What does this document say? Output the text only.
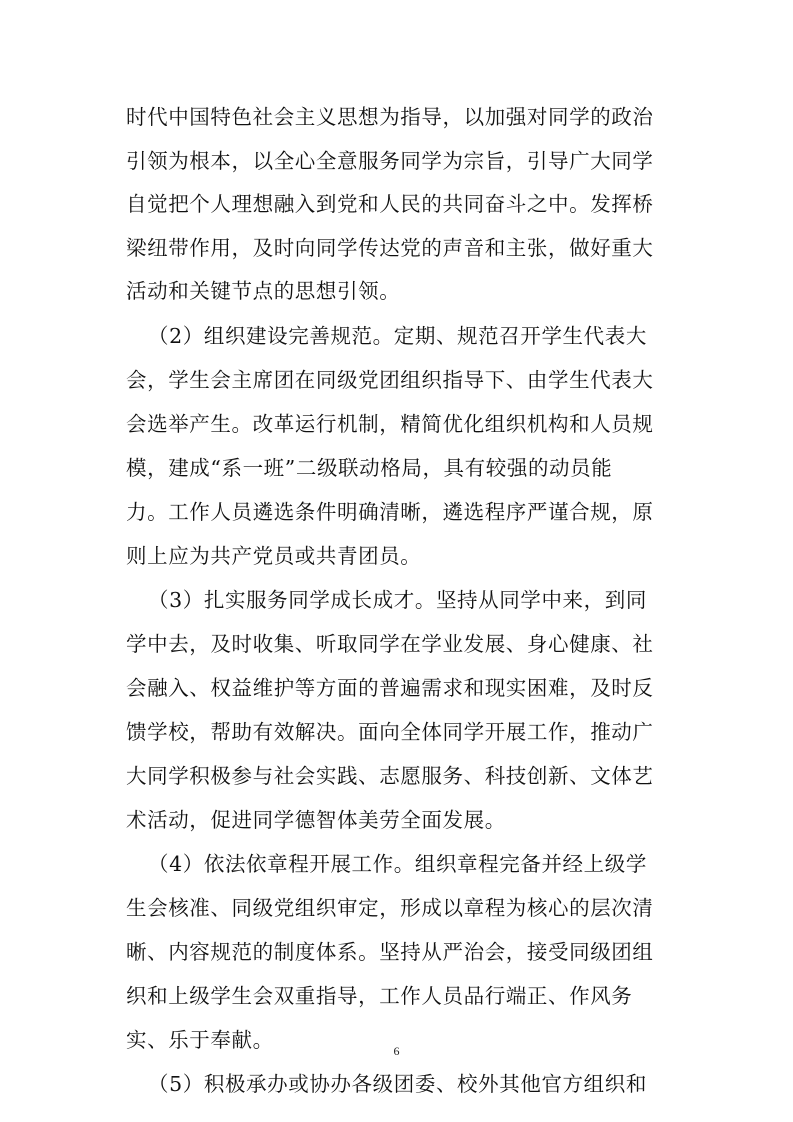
时代中国特色社会主义思想为指导，以加强对同学的政治
引领为根本，以全心全意服务同学为宗旨，引导广大同学
自觉把个人理想融入到党和人民的共同奋斗之中。发挥桥
梁纽带作用，及时向同学传达党的声音和主张，做好重大
活动和关键节点的思想引领。
（2）组织建设完善规范。定期、规范召开学生代表大
会，学生会主席团在同级党团组织指导下、由学生代表大
会选举产生。改革运行机制，精简优化组织机构和人员规
模，建成“系一班”二级联动格局，具有较强的动员能
力。工作人员遴选条件明确清晰，遴选程序严谨合规，原
则上应为共产党员或共青团员。
（3）扎实服务同学成长成才。坚持从同学中来，到同
学中去，及时收集、听取同学在学业发展、身心健康、社
会融入、权益维护等方面的普遍需求和现实困难，及时反
馈学校，帮助有效解决。面向全体同学开展工作，推动广
大同学积极参与社会实践、志愿服务、科技创新、文体艺
术活动，促进同学德智体美劳全面发展。
（4）依法依章程开展工作。组织章程完备并经上级学
生会核准、同级党组织审定，形成以章程为核心的层次清
晰、内容规范的制度体系。坚持从严治会，接受同级团组
织和上级学生会双重指导，工作人员品行端正、作风务
实、乐于奉献。
（5）积极承办或协办各级团委、校外其他官方组织和
6
